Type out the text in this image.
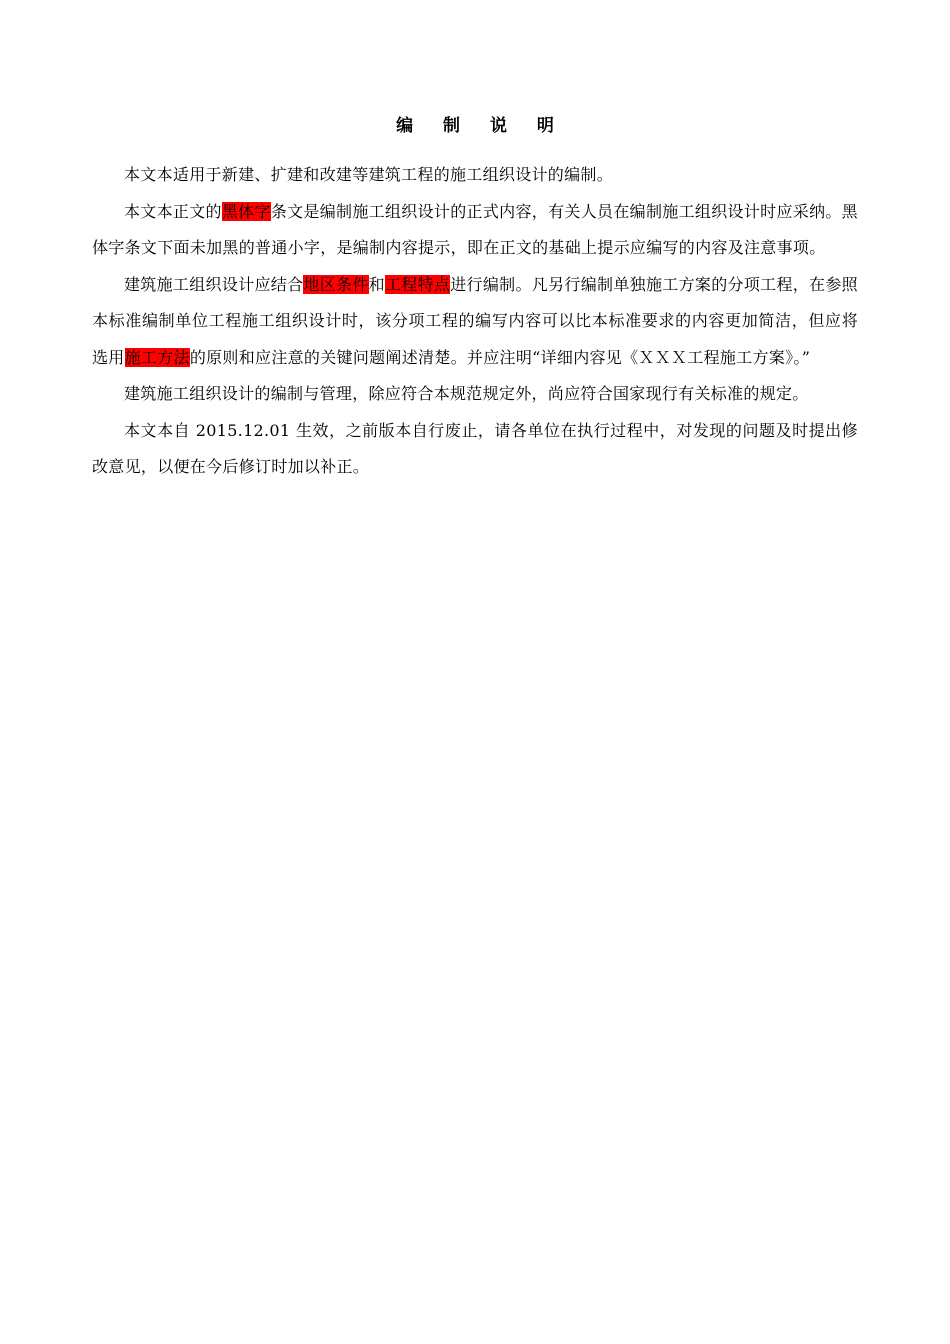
编 制 说 明

本文本适用于新建、扩建和改建等建筑工程的施工组织设计的编制。

本文本正文的黑体字条文是编制施工组织设计的正式内容，有关人员在编制施工组织设计时应采纳。黑体字条文下面未加黑的普通小字，是编制内容提示，即在正文的基础上提示应编写的内容及注意事项。

建筑施工组织设计应结合地区条件和工程特点进行编制。凡另行编制单独施工方案的分项工程，在参照本标准编制单位工程施工组织设计时，该分项工程的编写内容可以比本标准要求的内容更加简洁，但应将选用施工方法的原则和应注意的关键问题阐述清楚。并应注明“详细内容见《ＸＸＸ工程施工方案》。”

建筑施工组织设计的编制与管理，除应符合本规范规定外，尚应符合国家现行有关标准的规定。

本文本自 2015.12.01 生效，之前版本自行废止，请各单位在执行过程中，对发现的问题及时提出修改意见，以便在今后修订时加以补正。
